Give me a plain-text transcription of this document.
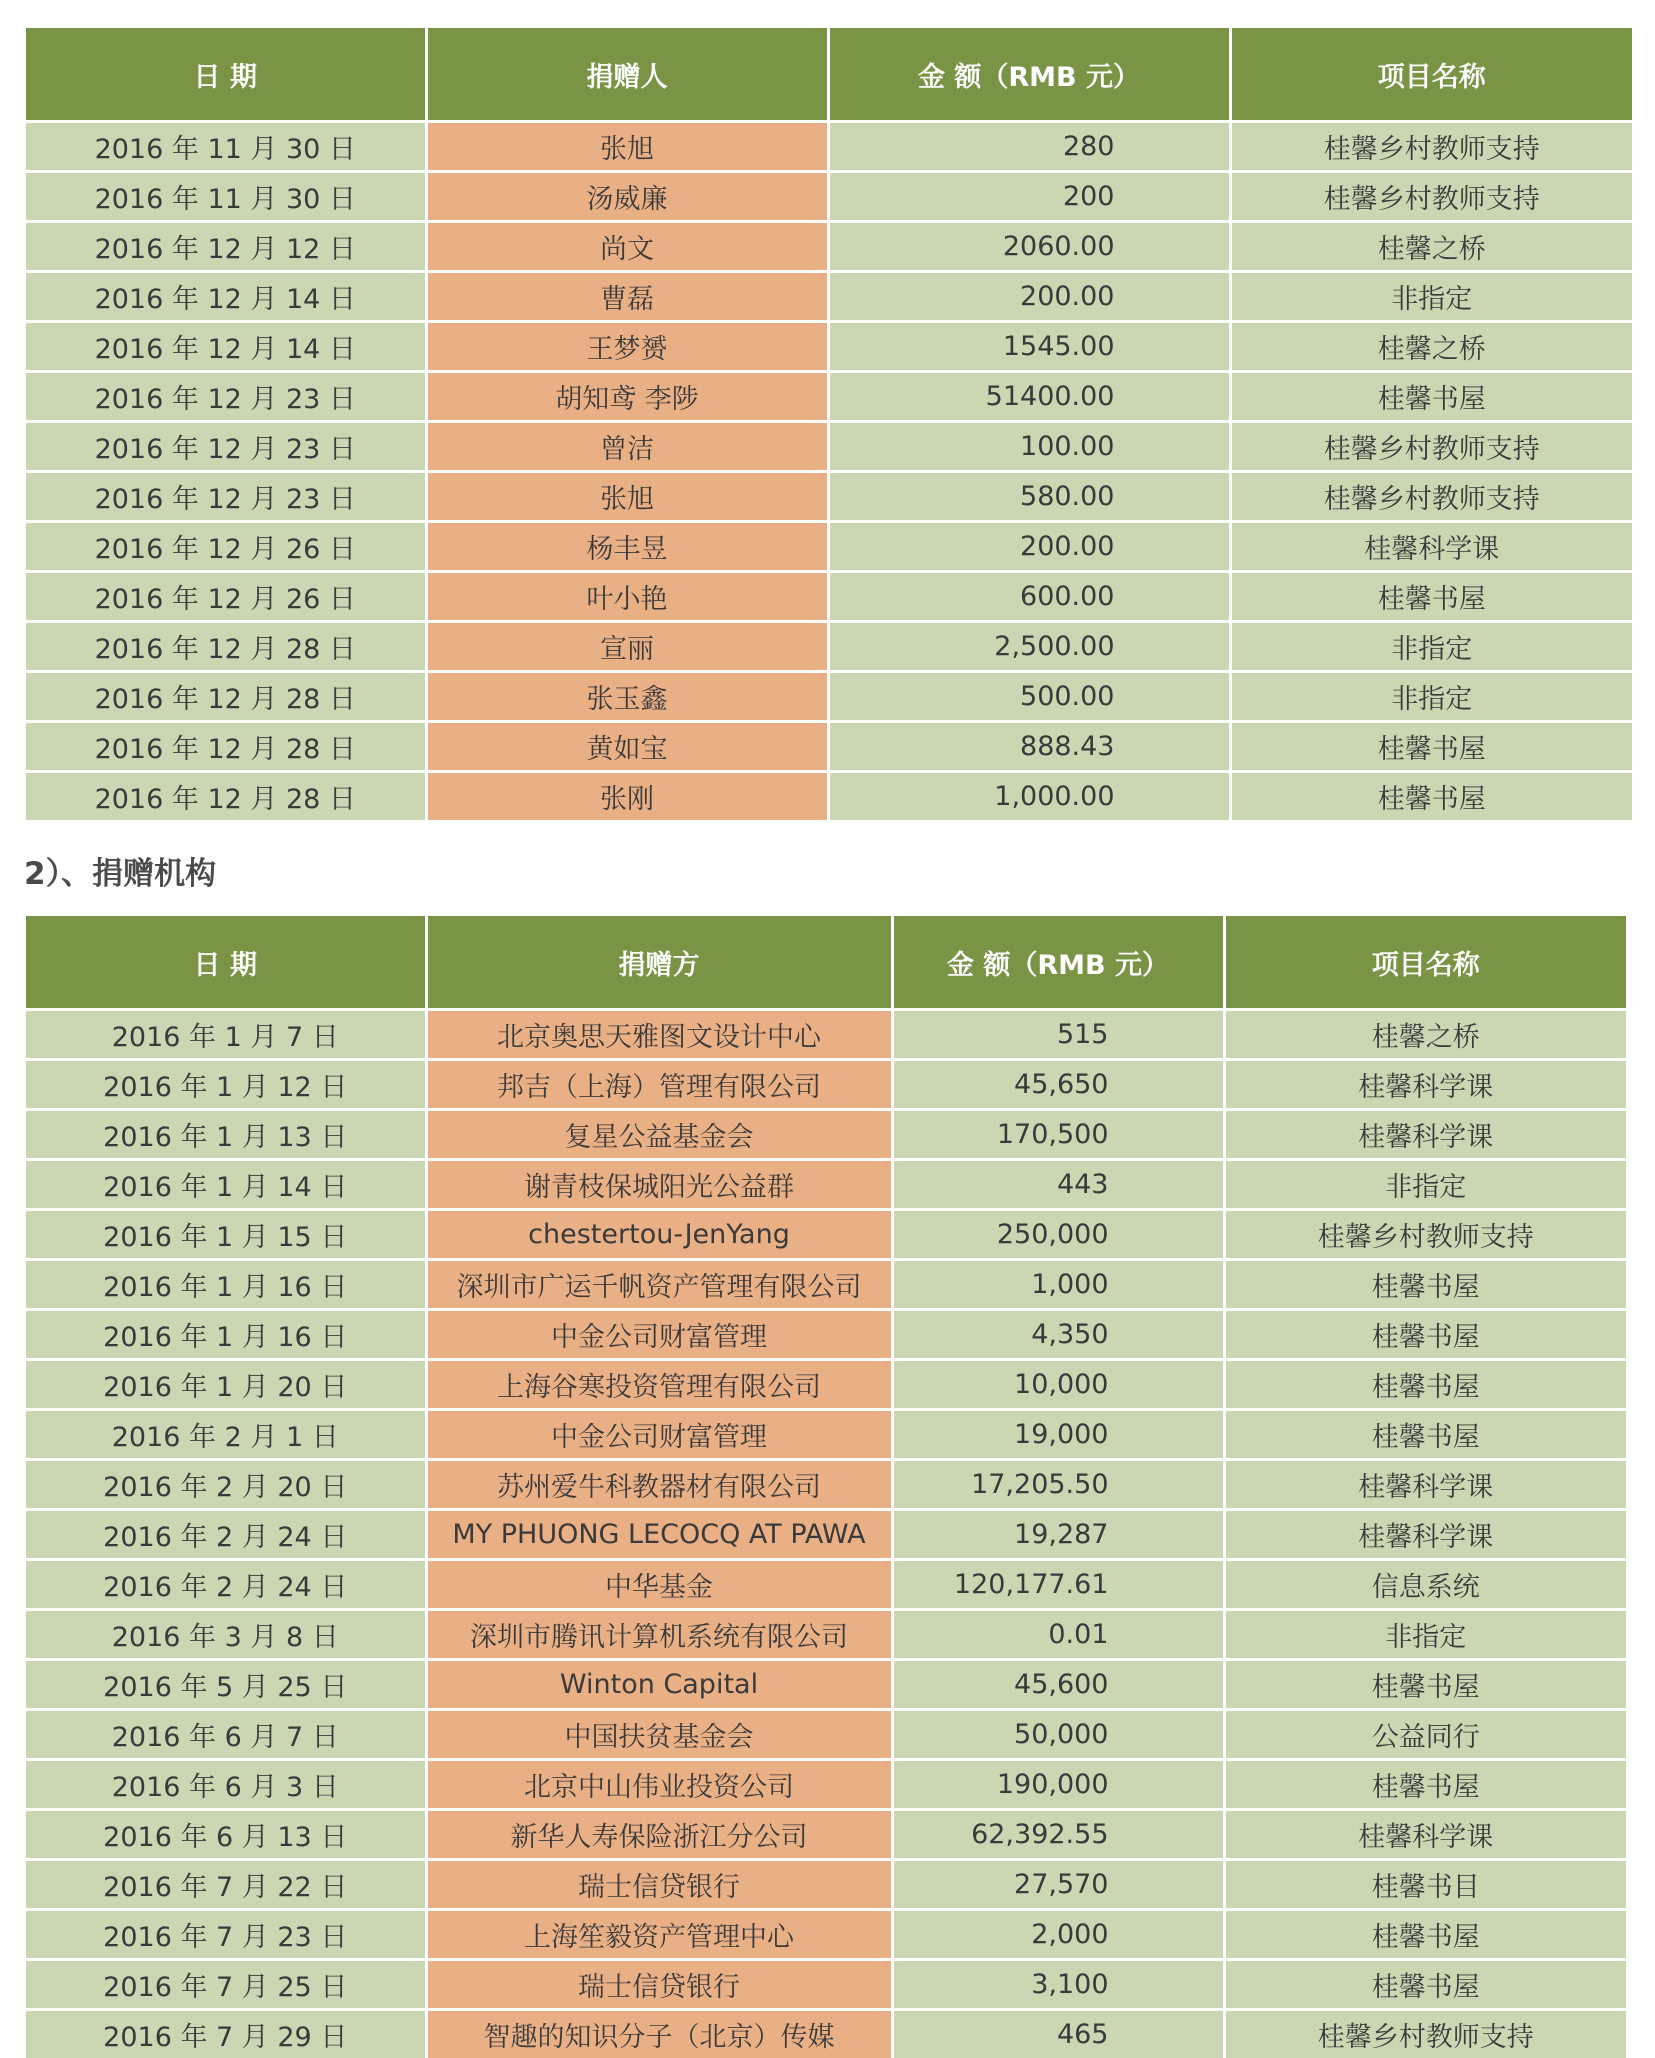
日 期	捐赠人	金 额（RMB 元）	项目名称
2016 年 11 月 30 日	张旭	280	桂馨乡村教师支持
2016 年 11 月 30 日	汤威廉	200	桂馨乡村教师支持
2016 年 12 月 12 日	尚文	2060.00	桂馨之桥
2016 年 12 月 14 日	曹磊	200.00	非指定
2016 年 12 月 14 日	王梦赟	1545.00	桂馨之桥
2016 年 12 月 23 日	胡知鸢 李陟	51400.00	桂馨书屋
2016 年 12 月 23 日	曾洁	100.00	桂馨乡村教师支持
2016 年 12 月 23 日	张旭	580.00	桂馨乡村教师支持
2016 年 12 月 26 日	杨丰昱	200.00	桂馨科学课
2016 年 12 月 26 日	叶小艳	600.00	桂馨书屋
2016 年 12 月 28 日	宣丽	2,500.00	非指定
2016 年 12 月 28 日	张玉鑫	500.00	非指定
2016 年 12 月 28 日	黄如宝	888.43	桂馨书屋
2016 年 12 月 28 日	张刚	1,000.00	桂馨书屋
2）、捐赠机构
日 期	捐赠方	金 额（RMB 元）	项目名称
2016 年 1 月 7 日	北京奥思天雅图文设计中心	515	桂馨之桥
2016 年 1 月 12 日	邦吉（上海）管理有限公司	45,650	桂馨科学课
2016 年 1 月 13 日	复星公益基金会	170,500	桂馨科学课
2016 年 1 月 14 日	谢青枝保城阳光公益群	443	非指定
2016 年 1 月 15 日	chestertou-JenYang	250,000	桂馨乡村教师支持
2016 年 1 月 16 日	深圳市广运千帆资产管理有限公司	1,000	桂馨书屋
2016 年 1 月 16 日	中金公司财富管理	4,350	桂馨书屋
2016 年 1 月 20 日	上海谷寒投资管理有限公司	10,000	桂馨书屋
2016 年 2 月 1 日	中金公司财富管理	19,000	桂馨书屋
2016 年 2 月 20 日	苏州爱牛科教器材有限公司	17,205.50	桂馨科学课
2016 年 2 月 24 日	MY PHUONG LECOCQ AT PAWA	19,287	桂馨科学课
2016 年 2 月 24 日	中华基金	120,177.61	信息系统
2016 年 3 月 8 日	深圳市腾讯计算机系统有限公司	0.01	非指定
2016 年 5 月 25 日	Winton Capital	45,600	桂馨书屋
2016 年 6 月 7 日	中国扶贫基金会	50,000	公益同行
2016 年 6 月 3 日	北京中山伟业投资公司	190,000	桂馨书屋
2016 年 6 月 13 日	新华人寿保险浙江分公司	62,392.55	桂馨科学课
2016 年 7 月 22 日	瑞士信贷银行	27,570	桂馨书目
2016 年 7 月 23 日	上海笙毅资产管理中心	2,000	桂馨书屋
2016 年 7 月 25 日	瑞士信贷银行	3,100	桂馨书屋
2016 年 7 月 29 日	智趣的知识分子（北京）传媒	465	桂馨乡村教师支持
